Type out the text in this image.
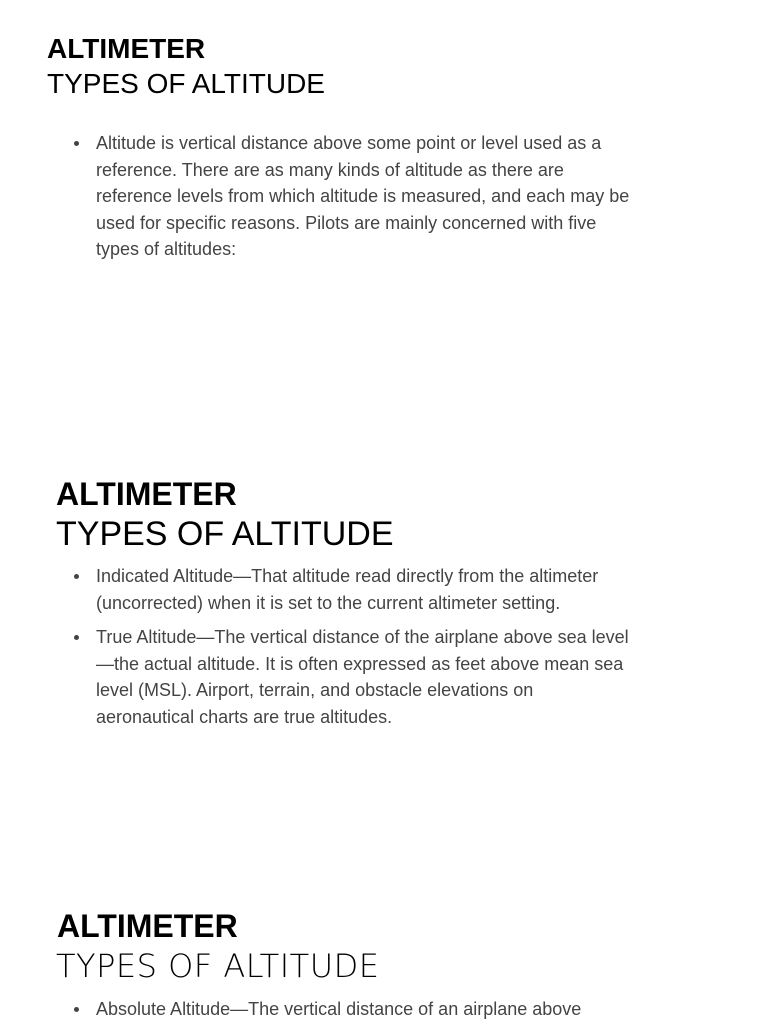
ALTIMETER
TYPES OF ALTITUDE
Altitude is vertical distance above some point or level used as a reference. There are as many kinds of altitude as there are reference levels from which altitude is measured, and each may be used for specific reasons. Pilots are mainly concerned with five types of altitudes:
ALTIMETER
TYPES OF ALTITUDE
Indicated Altitude—That altitude read directly from the altimeter (uncorrected) when it is set to the current altimeter setting.
True Altitude—The vertical distance of the airplane above sea level—the actual altitude. It is often expressed as feet above mean sea level (MSL). Airport, terrain, and obstacle elevations on aeronautical charts are true altitudes.
ALTIMETER
TYPES OF ALTITUDE
Absolute Altitude—The vertical distance of an airplane above
